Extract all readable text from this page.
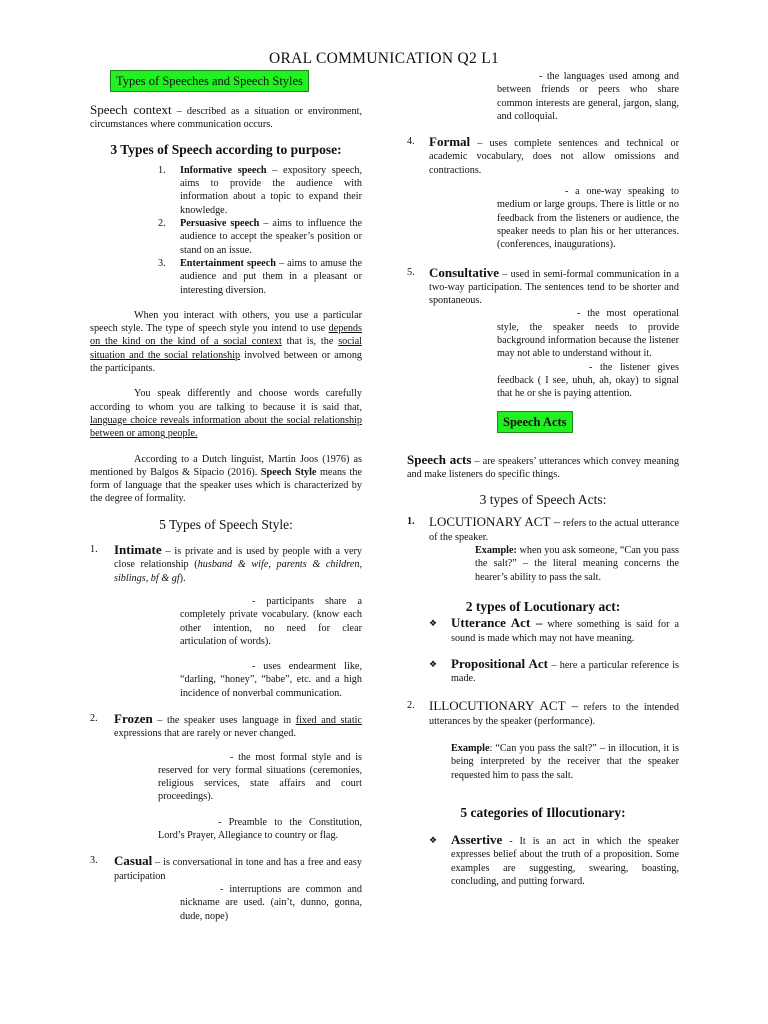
ORAL COMMUNICATION Q2 L1
Types of Speeches and Speech Styles

Speech context – described as a situation or environment, circumstances where communication occurs.

3 Types of Speech according to purpose:

1.	Informative speech – expository speech, aims to provide the audience with information about a topic to expand their knowledge.

2.	Persuasive speech – aims to influence the audience to accept the speaker’s position or stand on an issue.

3.	Entertainment speech – aims to amuse the audience and put them in a pleasant or interesting diversion.

When you interact with others, you use a particular speech style. The type of speech style you intend to use depends on the kind on the kind of a social context that is, the social situation and the social relationship involved between or among the participants.

You speak differently and choose words carefully according to whom you are talking to because it is said that, language choice reveals information about the social relationship between or among people.

According to a Dutch linguist, Martin Joos (1976) as mentioned by Balgos & Sipacio (2016). Speech Style means the form of language that the speaker uses which is characterized by the degree of formality.

5 Types of Speech Style:

1.	Intimate – is private and is used by people with a very close relationship (husband & wife, parents & children, siblings, bf & gf).

- participants share a completely private vocabulary. (know each other intention, no need for clear articulation of words).

- uses endearment like, “darling, “honey”, “babe”, etc. and a high incidence of nonverbal communication.

2.	Frozen – the speaker uses language in fixed and static expressions that are rarely or never changed.

- the most formal style and is reserved for very formal situations (ceremonies, religious services, state affairs and court proceedings).

- Preamble to the Constitution, Lord’s Prayer, Allegiance to country or flag.

3.	Casual – is conversational in tone and has a free and easy participation

- interruptions are common and nickname are used. (ain’t, dunno, gonna, dude, nope)

- the languages used among and between friends or peers who share common interests are general, jargon, slang, and colloquial.

4.	Formal – uses complete sentences and technical or academic vocabulary, does not allow omissions and contractions.

- a one-way speaking to medium or large groups. There is little or no feedback from the listeners or audience, the speaker needs to plan his or her utterances. (conferences, inaugurations).

5.	Consultative – used in semi-formal communication in a two-way participation. The sentences tend to be shorter and spontaneous.

- the most operational style, the speaker needs to provide background information because the listener may not able to understand without it.

- the listener gives feedback ( I see, uhuh, ah, okay) to signal that he or she is paying attention.

Speech Acts

Speech acts – are speakers’ utterances which convey meaning and make listeners do specific things.

3 types of Speech Acts:

1.	LOCUTIONARY ACT – refers to the actual utterance of the speaker.

Example: when you ask someone, “Can you pass the salt?” – the literal meaning concerns the hearer’s ability to pass the salt.

2 types of Locutionary act:

❖	Utterance Act – where something is said for a sound is made which may not have meaning.

❖	Propositional Act – here a particular reference is made.

2.	ILLOCUTIONARY ACT – refers to the intended utterances by the speaker (performance).

Example: “Can you pass the salt?” – in illocution, it is being interpreted by the receiver that the speaker requested him to pass the salt.

5 categories of Illocutionary:

❖	Assertive - It is an act in which the speaker expresses belief about the truth of a proposition. Some examples are suggesting, swearing, boasting, concluding, and putting forward.
